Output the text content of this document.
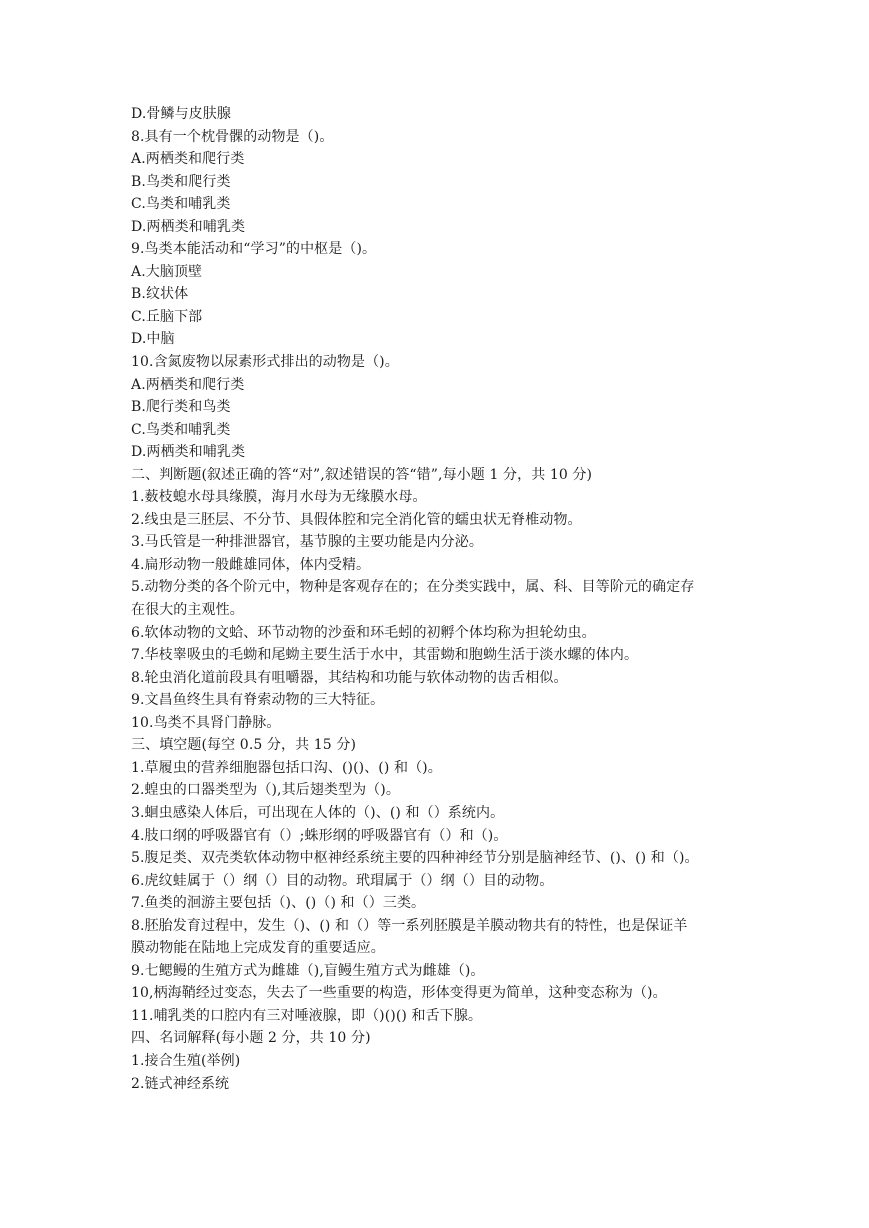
D.骨鳞与皮肤腺
8.具有一个枕骨髁的动物是（)。
A.两栖类和爬行类
B.鸟类和爬行类
C.鸟类和哺乳类
D.两栖类和哺乳类
9.鸟类本能活动和“学习”的中枢是（)。
A.大脑顶壁
B.纹状体
C.丘脑下部
D.中脑
10.含氮废物以尿素形式排出的动物是（)。
A.两栖类和爬行类
B.爬行类和鸟类
C.鸟类和哺乳类
D.两栖类和哺乳类
二、判断题(叙述正确的答“对”,叙述错误的答“错”,每小题 1 分，共 10 分)
1.薮枝螅水母具缘膜，海月水母为无缘膜水母。
2.线虫是三胚层、不分节、具假体腔和完全消化管的蠕虫状无脊椎动物。
3.马氏管是一种排泄器官，基节腺的主要功能是内分泌。
4.扁形动物一般雌雄同体，体内受精。
5.动物分类的各个阶元中，物种是客观存在的；在分类实践中，属、科、目等阶元的确定存
在很大的主观性。
6.软体动物的文蛤、环节动物的沙蚕和环毛蚓的初孵个体均称为担轮幼虫。
7.华枝睾吸虫的毛蚴和尾蚴主要生活于水中，其雷蚴和胞蚴生活于淡水螺的体内。
8.轮虫消化道前段具有咀嚼器，其结构和功能与软体动物的齿舌相似。
9.文昌鱼终生具有脊索动物的三大特征。
10.鸟类不具肾门静脉。
三、填空题(每空 0.5 分，共 15 分)
1.草履虫的营养细胞器包括口沟、()()、() 和（)。
2.蝗虫的口器类型为（),其后翅类型为（)。
3.蛔虫感染人体后，可出现在人体的（)、() 和（）系统内。
4.肢口纲的呼吸器官有（）;蛛形纲的呼吸器官有（）和（)。
5.腹足类、双壳类软体动物中枢神经系统主要的四种神经节分别是脑神经节、()、() 和（)。
6.虎纹蛙属于（）纲（）目的动物。玳瑁属于（）纲（）目的动物。
7.鱼类的洄游主要包括（)、()（) 和（）三类。
8.胚胎发育过程中，发生（)、() 和（）等一系列胚膜是羊膜动物共有的特性，也是保证羊
膜动物能在陆地上完成发育的重要适应。
9.七鳃鳗的生殖方式为雌雄（),盲鳗生殖方式为雌雄（)。
10,柄海鞘经过变态，失去了一些重要的构造，形体变得更为简单，这种变态称为（)。
11.哺乳类的口腔内有三对唾液腺，即（)()() 和舌下腺。
四、名词解释(每小题 2 分，共 10 分)
1.接合生殖(举例)
2.链式神经系统
